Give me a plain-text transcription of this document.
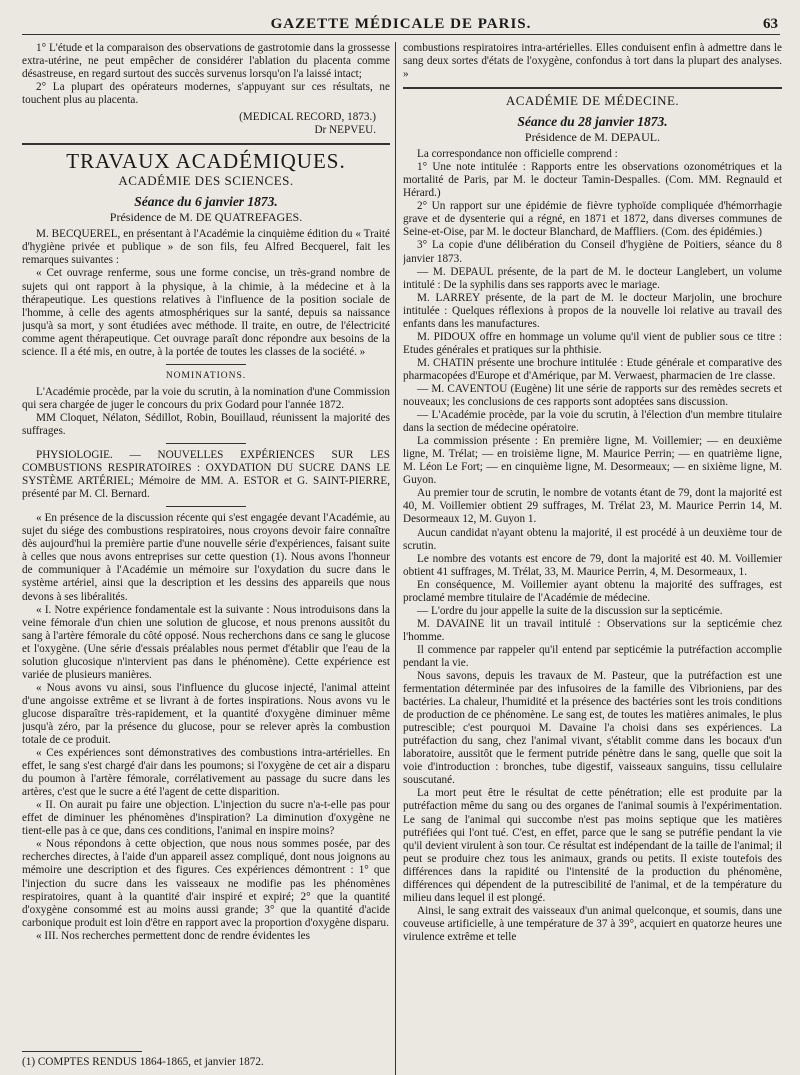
GAZETTE MÉDICALE DE PARIS.	63

1° L'étude et la comparaison des observations de gastrotomie dans la grossesse extra-utérine, ne peut empêcher de considérer l'ablation du placenta comme désastreuse, en regard surtout des succès survenus lorsqu'on l'a laissé intact;

2° La plupart des opérateurs modernes, s'appuyant sur ces résultats, ne touchent plus au placenta.

(MEDICAL RECORD, 1873.)
Dr NEPVEU.
TRAVAUX ACADÉMIQUES.
ACADÉMIE DES SCIENCES.
Séance du 6 janvier 1873.
Présidence de M. DE QUATREFAGES.

M. BECQUEREL, en présentant à l'Académie la cinquième édition du « Traité d'hygiène privée et publique » de son fils, feu Alfred Becquerel, fait les remarques suivantes :

« Cet ouvrage renferme, sous une forme concise, un très-grand nombre de sujets qui ont rapport à la physique, à la chimie, à la médecine et à la thérapeutique. Les questions relatives à l'influence de la position sociale de l'homme, à celle des agents atmosphériques sur la santé, depuis sa naissance jusqu'à sa mort, y sont étudiées avec méthode. Il traite, en outre, de l'électricité comme agent thérapeutique. Cet ouvrage paraît donc répondre aux besoins de la science. Il a été mis, en outre, à la portée de toutes les classes de la société. »

NOMINATIONS.

L'Académie procède, par la voie du scrutin, à la nomination d'une Commission qui sera chargée de juger le concours du prix Godard pour l'année 1872.

MM Cloquet, Nélaton, Sédillot, Robin, Bouillaud, réunissent la majorité des suffrages.

PHYSIOLOGIE. — NOUVELLES EXPÉRIENCES SUR LES COMBUSTIONS RESPIRATOIRES : OXYDATION DU SUCRE DANS LE SYSTÈME ARTÉRIEL; Mémoire de MM. A. ESTOR et G. SAINT-PIERRE, présenté par M. Cl. Bernard.

« En présence de la discussion récente qui s'est engagée devant l'Académie, au sujet du siége des combustions respiratoires, nous croyons devoir faire connaître dès aujourd'hui la première partie d'une nouvelle série d'expériences, faisant suite à celles que nous avons entreprises sur cette question (1). Nous avons l'honneur de communiquer à l'Académie un mémoire sur l'oxydation du sucre dans le système artériel, ainsi que la description et les dessins des appareils que nous devons à ses libéralités.

« I. Notre expérience fondamentale est la suivante : Nous introduisons dans la veine fémorale d'un chien une solution de glucose, et nous prenons aussitôt du sang à l'artère fémorale du côté opposé. Nous recherchons dans ce sang le glucose et l'oxygène. (Une série d'essais préalables nous permet d'établir que l'eau de la solution glucosique n'intervient pas dans le phénomène). Cette expérience est variée de plusieurs manières.

« Nous avons vu ainsi, sous l'influence du glucose injecté, l'animal atteint d'une angoisse extrême et se livrant à de fortes inspirations. Nous avons vu le glucose disparaître très-rapidement, et la quantité d'oxygène diminuer même jusqu'à zéro, par la présence du glucose, pour se relever après la combustion totale de ce produit.

« Ces expériences sont démonstratives des combustions intra-artérielles. En effet, le sang s'est chargé d'air dans les poumons; si l'oxygène de cet air a disparu du poumon à l'artère fémorale, corrélativement au passage du sucre dans les artères, c'est que le sucre a été l'agent de cette disparition.

« II. On aurait pu faire une objection. L'injection du sucre n'a-t-elle pas pour effet de diminuer les phénomènes d'inspiration? La diminution d'oxygène ne tient-elle pas à ce que, dans ces conditions, l'animal en inspire moins?

« Nous répondons à cette objection, que nous nous sommes posée, par des recherches directes, à l'aide d'un appareil assez compliqué, dont nous joignons au mémoire une description et des figures. Ces expériences démontrent : 1° que l'injection du sucre dans les vaisseaux ne modifie pas les phénomènes respiratoires, quant à la quantité d'air inspiré et expiré; 2° que la quantité d'oxygène consommé est au moins aussi grande; 3° que la quantité d'acide carbonique produit est loin d'être en rapport avec la proportion d'oxygène disparu.

« III. Nos recherches permettent donc de rendre évidentes les

(1) COMPTES RENDUS 1864-1865, et janvier 1872.

combustions respiratoires intra-artérielles. Elles conduisent enfin à admettre dans le sang deux sortes d'états de l'oxygène, confondus à tort dans la plupart des analyses. »

ACADÉMIE DE MÉDECINE.
Séance du 28 janvier 1873.
Présidence de M. DEPAUL.

La correspondance non officielle comprend :

1° Une note intitulée : Rapports entre les observations ozonométriques et la mortalité de Paris, par M. le docteur Tamin-Despalles. (Com. MM. Regnauld et Hérard.)

2° Un rapport sur une épidémie de fièvre typhoïde compliquée d'hémorrhagie grave et de dysenterie qui a régné, en 1871 et 1872, dans diverses communes de Seine-et-Oise, par M. le docteur Blanchard, de Maffliers. (Com. des épidémies.)

3° La copie d'une délibération du Conseil d'hygiène de Poitiers, séance du 8 janvier 1873.

— M. DEPAUL présente, de la part de M. le docteur Langlebert, un volume intitulé : De la syphilis dans ses rapports avec le mariage.

M. LARREY présente, de la part de M. le docteur Marjolin, une brochure intitulée : Quelques réflexions à propos de la nouvelle loi relative au travail des enfants dans les manufactures.

M. PIDOUX offre en hommage un volume qu'il vient de publier sous ce titre : Etudes générales et pratiques sur la phthisie.

M. CHATIN présente une brochure intitulée : Etude générale et comparative des pharmacopées d'Europe et d'Amérique, par M. Verwaest, pharmacien de 1re classe.

— M. CAVENTOU (Eugène) lit une série de rapports sur des remèdes secrets et nouveaux; les conclusions de ces rapports sont adoptées sans discussion.

— L'Académie procède, par la voie du scrutin, à l'élection d'un membre titulaire dans la section de médecine opératoire.

La commission présente : En première ligne, M. Voillemier; — en deuxième ligne, M. Trélat; — en troisième ligne, M. Maurice Perrin; — en quatrième ligne, M. Léon Le Fort; — en cinquième ligne, M. Desormeaux; — en sixième ligne, M. Guyon.

Au premier tour de scrutin, le nombre de votants étant de 79, dont la majorité est 40, M. Voillemier obtient 29 suffrages, M. Trélat 23, M. Maurice Perrin 14, M. Desormeaux 12, M. Guyon 1.

Aucun candidat n'ayant obtenu la majorité, il est procédé à un deuxième tour de scrutin.

Le nombre des votants est encore de 79, dont la majorité est 40. M. Voillemier obtient 41 suffrages, M. Trélat, 33, M. Maurice Perrin, 4, M. Desormeaux, 1.

En conséquence, M. Voillemier ayant obtenu la majorité des suffrages, est proclamé membre titulaire de l'Académie de médecine.

— L'ordre du jour appelle la suite de la discussion sur la septicémie.

M. DAVAINE lit un travail intitulé : Observations sur la septicémie chez l'homme.

Il commence par rappeler qu'il entend par septicémie la putréfaction accomplie pendant la vie.

Nous savons, depuis les travaux de M. Pasteur, que la putréfaction est une fermentation déterminée par des infusoires de la famille des Vibrioniens, par des bactéries. La chaleur, l'humidité et la présence des bactéries sont les trois conditions de production de ce phénomène. Le sang est, de toutes les matières animales, le plus putrescible; c'est pourquoi M. Davaine l'a choisi dans ses expériences. La putréfaction du sang, chez l'animal vivant, s'établit comme dans les bocaux d'un laboratoire, aussitôt que le ferment putride pénètre dans le sang, quelle que soit la voie d'introduction : bronches, tube digestif, vaisseaux sanguins, tissu cellulaire souscutané.

La mort peut être le résultat de cette pénétration; elle est produite par la putréfaction même du sang ou des organes de l'animal soumis à l'expérimentation. Le sang de l'animal qui succombe n'est pas moins septique que les matières putréfiées qui l'ont tué. C'est, en effet, parce que le sang se putréfie pendant la vie qu'il devient virulent à son tour. Ce résultat est indépendant de la taille de l'animal; il peut se produire chez tous les animaux, grands ou petits. Il existe toutefois des différences dans la rapidité ou l'intensité de la production du phénomène, différences qui dépendent de la putrescibilité de l'animal, et de la température du milieu dans lequel il est plongé.

Ainsi, le sang extrait des vaisseaux d'un animal quelconque, et soumis, dans une couveuse artificielle, à une température de 37 à 39°, acquiert en quatorze heures une virulence extrême et telle
